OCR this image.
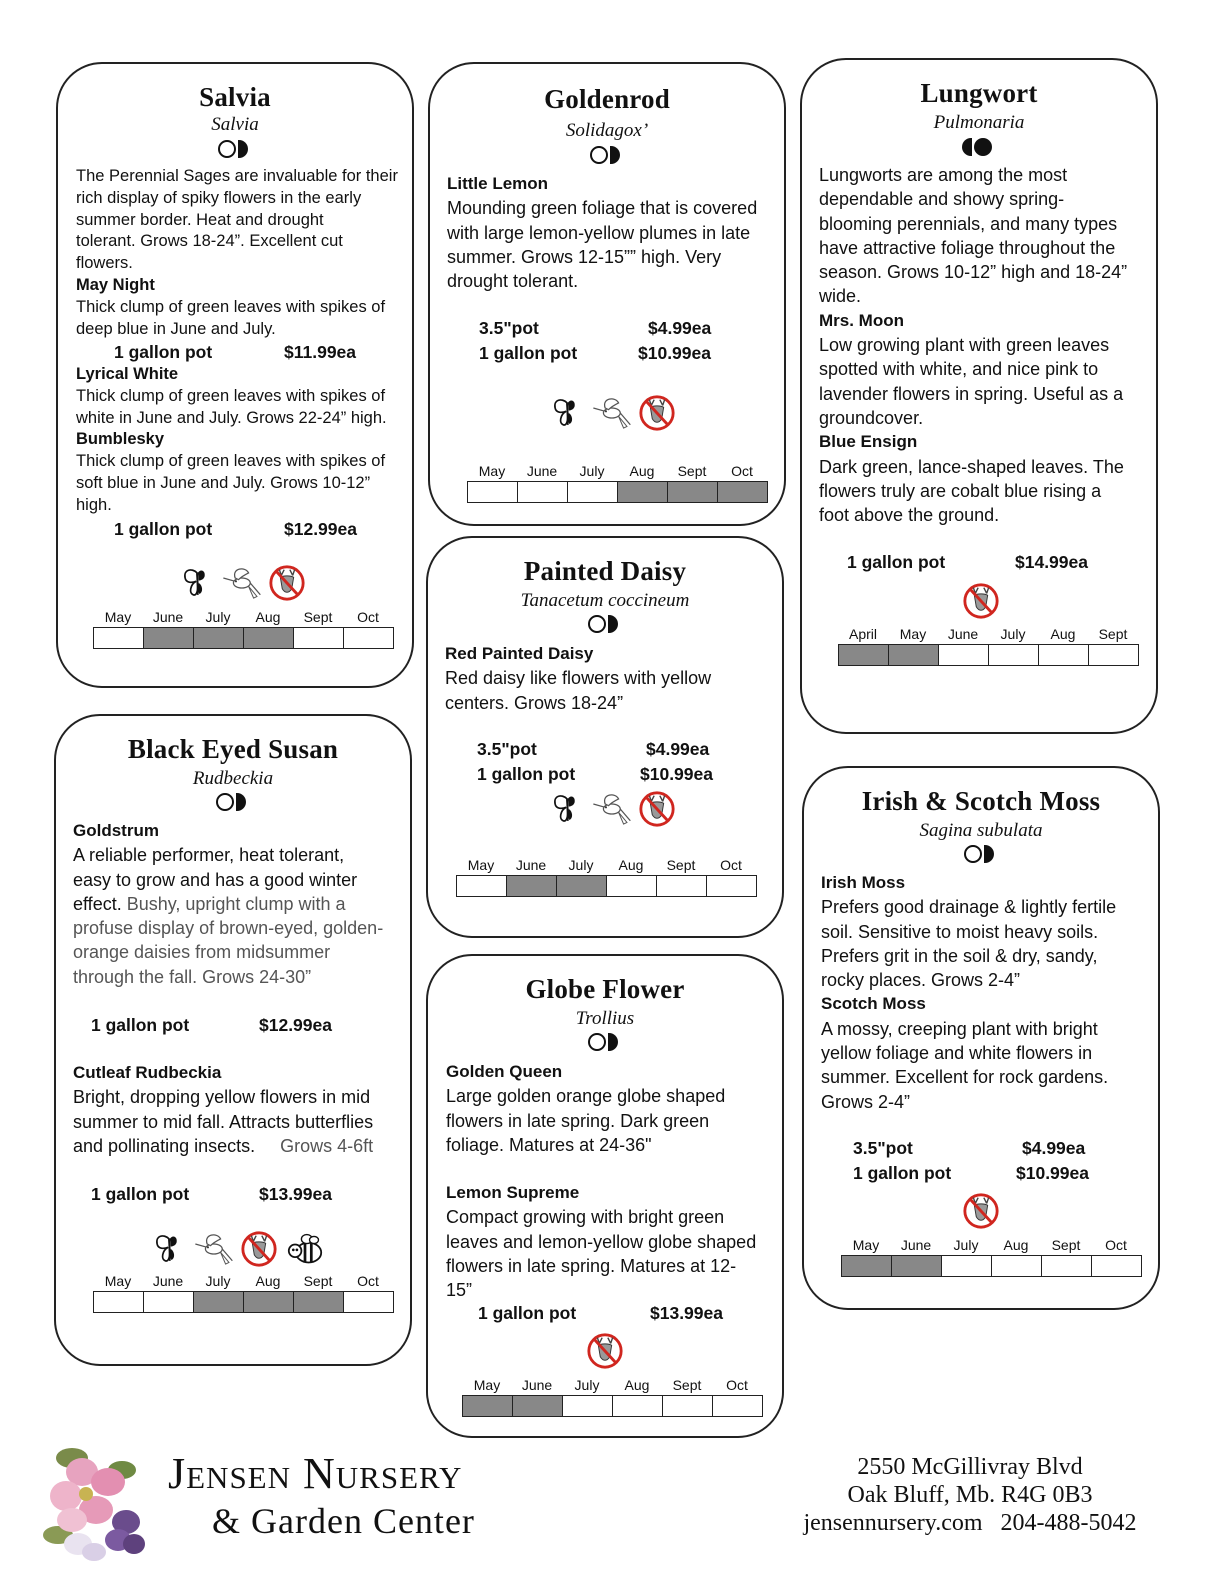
Salvia
Salvia
The Perennial Sages are invaluable for their
rich display of spiky flowers in the early
summer border. Heat and drought
tolerant. Grows 18-24”. Excellent cut
flowers.
May Night
Thick clump of green leaves with spikes of
deep blue in June and July.
1 gallon pot	$11.99ea
Lyrical White
Thick clump of green leaves with spikes of
white in June and July. Grows 22-24” high.
Bumblesky
Thick clump of green leaves with spikes of
soft blue in June and July. Grows 10-12”
high.
1 gallon pot	$12.99ea
May	June	July	Aug	Sept	Oct
Goldenrod
Solidagox’
Little Lemon
Mounding green foliage that is covered
with large lemon-yellow plumes in late
summer. Grows 12-15”” high. Very
drought tolerant.
3.5"pot	$4.99ea
1 gallon pot	$10.99ea
May	June	July	Aug	Sept	Oct
Lungwort
Pulmonaria
Lungworts are among the most
dependable and showy spring-
blooming perennials, and many types
have attractive foliage throughout the
season. Grows 10-12” high and 18-24”
wide.
Mrs. Moon
Low growing plant with green leaves
spotted with white, and nice pink to
lavender flowers in spring. Useful as a
groundcover.
Blue Ensign
Dark green, lance-shaped leaves. The
flowers truly are cobalt blue rising a
foot above the ground.
1 gallon pot	$14.99ea
April	May	June	July	Aug	Sept
Painted Daisy
Tanacetum coccineum
Red Painted Daisy
Red daisy like flowers with yellow
centers. Grows 18-24”
3.5"pot	$4.99ea
1 gallon pot	$10.99ea
May	June	July	Aug	Sept	Oct
Black Eyed Susan
Rudbeckia
Goldstrum
A reliable performer, heat tolerant,
easy to grow and has a good winter
effect. Bushy, upright clump with a
profuse display of brown-eyed, golden-
orange daisies from midsummer
through the fall. Grows 24-30”
1 gallon pot	$12.99ea
Cutleaf Rudbeckia
Bright, dropping yellow flowers in mid
summer to mid fall. Attracts butterflies
and pollinating insects. Grows 4-6ft
1 gallon pot	$13.99ea
May	June	July	Aug	Sept	Oct
Globe Flower
Trollius
Golden Queen
Large golden orange globe shaped
flowers in late spring. Dark green
foliage. Matures at 24-36"
Lemon Supreme
Compact growing with bright green
leaves and lemon-yellow globe shaped
flowers in late spring. Matures at 12-
15”
1 gallon pot	$13.99ea
May	June	July	Aug	Sept	Oct
Irish & Scotch Moss
Sagina subulata
Irish Moss
Prefers good drainage & lightly fertile
soil. Sensitive to moist heavy soils.
Prefers grit in the soil & dry, sandy,
rocky places. Grows 2-4”
Scotch Moss
A mossy, creeping plant with bright
yellow foliage and white flowers in
summer. Excellent for rock gardens.
Grows 2-4”
3.5"pot	$4.99ea
1 gallon pot	$10.99ea
May	June	July	Aug	Sept	Oct
Jensen Nursery
& Garden Center
2550 McGillivray Blvd
Oak Bluff, Mb. R4G 0B3
jensennursery.com 204-488-5042
